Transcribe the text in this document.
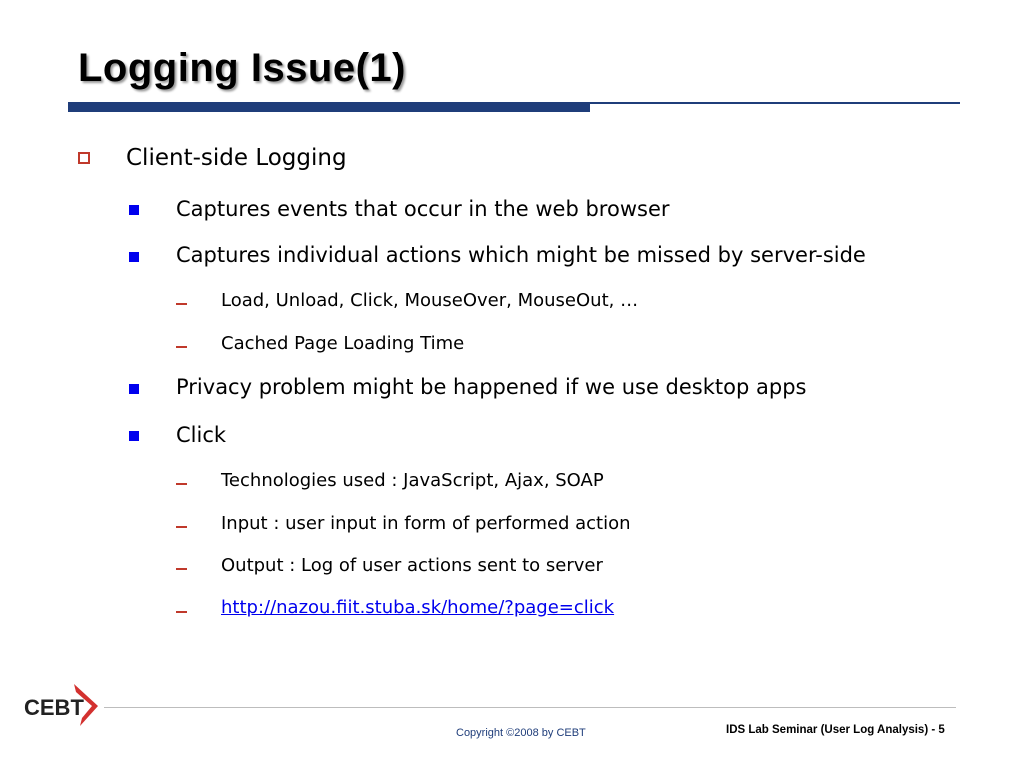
Logging Issue(1)
Client-side Logging
Captures events that occur in the web browser
Captures individual actions which might be missed by server-side
Load, Unload, Click, MouseOver, MouseOut, …
Cached Page Loading Time
Privacy problem might be happened if we use desktop apps
Click
Technologies used : JavaScript, Ajax, SOAP
Input : user input in form of performed action
Output : Log of user actions sent to server
http://nazou.fiit.stuba.sk/home/?page=click
CEBT
Copyright ©2008 by CEBT	IDS Lab Seminar (User Log Analysis) - 5
